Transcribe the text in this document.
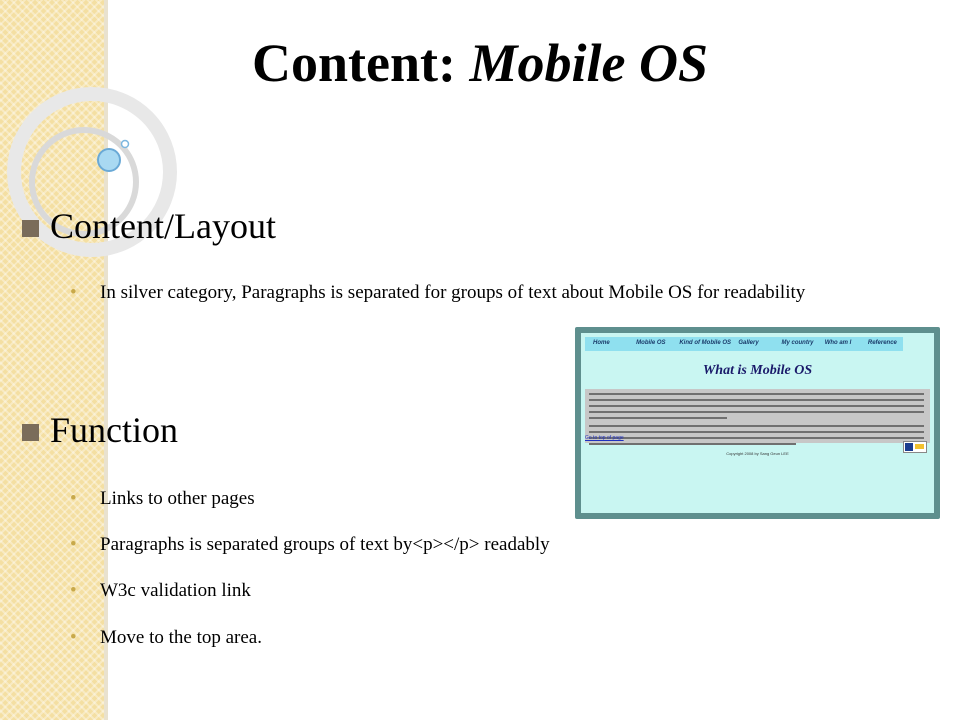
Content: Mobile OS
Content/Layout
• In silver category, Paragraphs is separated for groups of text about Mobile OS for readability
Function
• Links to other pages
• Paragraphs is separated groups of text by<p></p> readably
• W3c validation link
• Move to the top area.
Home	Mobile OS	Kind of Mobile OS	Gallery	My country	Who am I	Reference
What is Mobile OS
Go to top of page
Copyright 2008 by Sang Geun LEE
